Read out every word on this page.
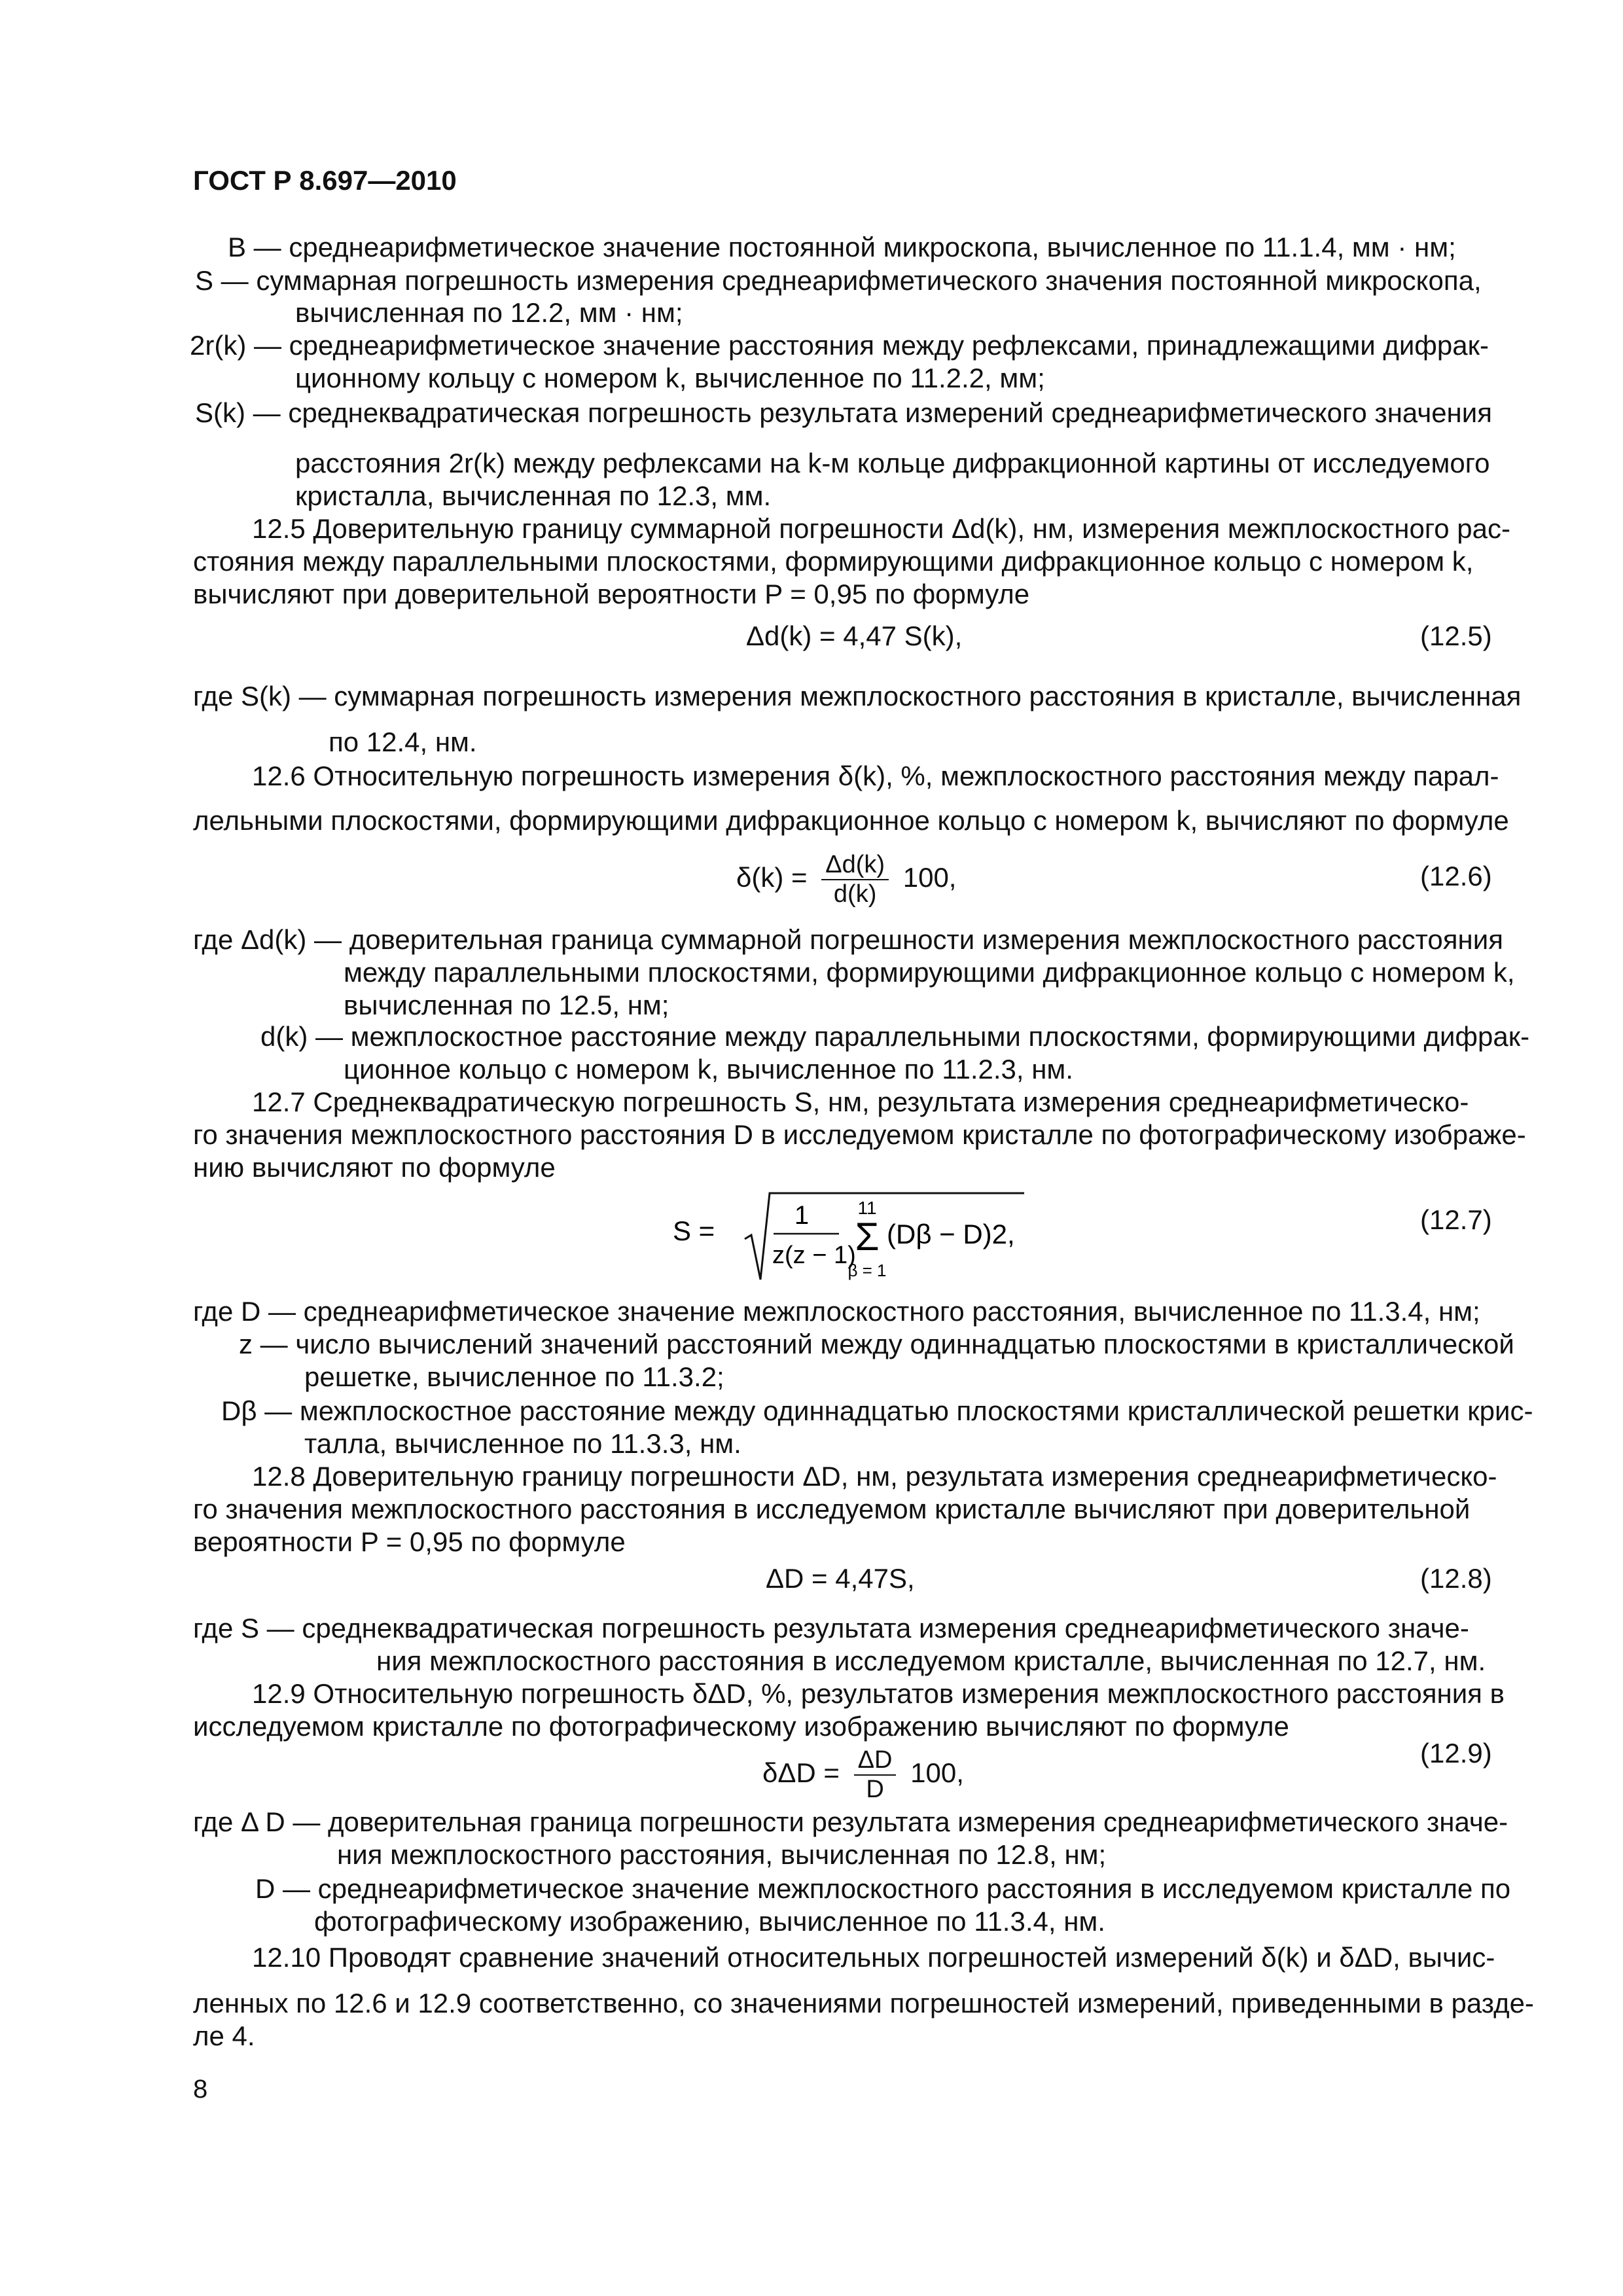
ГОСТ Р 8.697—2010
B — среднеарифметическое значение постоянной микроскопа, вычисленное по 11.1.4, мм · нм;
S — суммарная погрешность измерения среднеарифметического значения постоянной микроскопа,
вычисленная по 12.2, мм · нм;
2r(k) — среднеарифметическое значение расстояния между рефлексами, принадлежащими дифрак-
ционному кольцу с номером k, вычисленное по 11.2.2, мм;
S(k) — среднеквадратическая погрешность результата измерений среднеарифметического значения
расстояния 2r(k) между рефлексами на k-м кольце дифракционной картины от исследуемого
кристалла, вычисленная по 12.3, мм.
12.5 Доверительную границу суммарной погрешности Δd(k), нм, измерения межплоскостного рас-
стояния между параллельными плоскостями, формирующими дифракционное кольцо с номером k,
вычисляют при доверительной вероятности P = 0,95 по формуле
Δd(k) = 4,47 S(k),	(12.5)
где S(k) — суммарная погрешность измерения межплоскостного расстояния в кристалле, вычисленная
по 12.4, нм.
12.6 Относительную погрешность измерения δ(k), %, межплоскостного расстояния между парал-
лельными плоскостями, формирующими дифракционное кольцо с номером k, вычисляют по формуле
$\delta(k) = \frac{\Delta d(k)}{d(k)} 100$,	(12.6)
где Δd(k) — доверительная граница суммарной погрешности измерения межплоскостного расстояния
между параллельными плоскостями, формирующими дифракционное кольцо с номером k,
вычисленная по 12.5, нм;
d(k) — межплоскостное расстояние между параллельными плоскостями, формирующими дифрак-
ционное кольцо с номером k, вычисленное по 11.2.3, нм.
12.7 Среднеквадратическую погрешность S, нм, результата измерения среднеарифметическо-
го значения межплоскостного расстояния D в исследуемом кристалле по фотографическому изображе-
нию вычисляют по формуле
S =	1
z(z − 1)
11
Σ
β = 1
(Dβ − D)2,	(12.7)
где D — среднеарифметическое значение межплоскостного расстояния, вычисленное по 11.3.4, нм;
z — число вычислений значений расстояний между одиннадцатью плоскостями в кристаллической
решетке, вычисленное по 11.3.2;
Dβ — межплоскостное расстояние между одиннадцатью плоскостями кристаллической решетки крис-
талла, вычисленное по 11.3.3, нм.
12.8 Доверительную границу погрешности ΔD, нм, результата измерения среднеарифметическо-
го значения межплоскостного расстояния в исследуемом кристалле вычисляют при доверительной
вероятности P = 0,95 по формуле
ΔD = 4,47S,	(12.8)
где S — среднеквадратическая погрешность результата измерения среднеарифметического значе-
ния межплоскостного расстояния в исследуемом кристалле, вычисленная по 12.7, нм.
12.9 Относительную погрешность δΔD, %, результатов измерения межплоскостного расстояния в
исследуемом кристалле по фотографическому изображению вычисляют по формуле
$\delta\Delta D = \frac{\Delta D}{D} 100$,
(12.9)
где Δ D — доверительная граница погрешности результата измерения среднеарифметического значе-
ния межплоскостного расстояния, вычисленная по 12.8, нм;
D — среднеарифметическое значение межплоскостного расстояния в исследуемом кристалле по
фотографическому изображению, вычисленное по 11.3.4, нм.
12.10 Проводят сравнение значений относительных погрешностей измерений δ(k) и δΔD, вычис-
ленных по 12.6 и 12.9 соответственно, со значениями погрешностей измерений, приведенными в разде-
ле 4.
8
